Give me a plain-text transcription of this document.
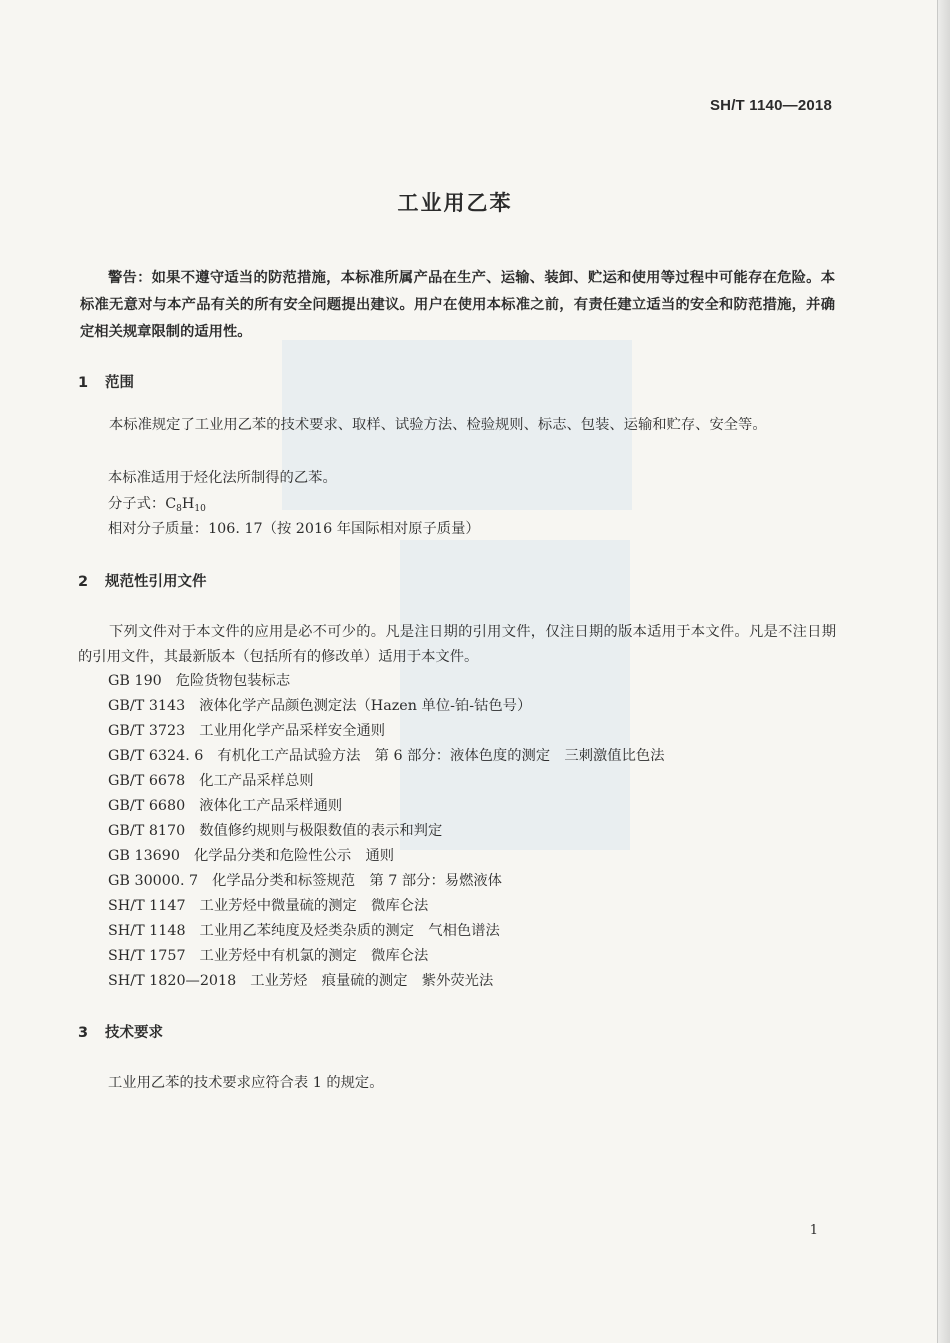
SH/T 1140—2018
工业用乙苯
警告：如果不遵守适当的防范措施，本标准所属产品在生产、运输、装卸、贮运和使用等过程中可能存在危险。本标准无意对与本产品有关的所有安全问题提出建议。用户在使用本标准之前，有责任建立适当的安全和防范措施，并确定相关规章限制的适用性。
1 范围
本标准规定了工业用乙苯的技术要求、取样、试验方法、检验规则、标志、包装、运输和贮存、安全等。
本标准适用于烃化法所制得的乙苯。
分子式：$C_8H_{10}$
相对分子质量：106. 17（按 2016 年国际相对原子质量）
2 规范性引用文件
下列文件对于本文件的应用是必不可少的。凡是注日期的引用文件，仅注日期的版本适用于本文件。凡是不注日期的引用文件，其最新版本（包括所有的修改单）适用于本文件。
GB 190 危险货物包装标志
GB/T 3143 液体化学产品颜色测定法（Hazen 单位-铂-钴色号）
GB/T 3723 工业用化学产品采样安全通则
GB/T 6324. 6 有机化工产品试验方法　第 6 部分：液体色度的测定　三刺激值比色法
GB/T 6678 化工产品采样总则
GB/T 6680 液体化工产品采样通则
GB/T 8170 数值修约规则与极限数值的表示和判定
GB 13690 化学品分类和危险性公示　通则
GB 30000. 7 化学品分类和标签规范　第 7 部分：易燃液体
SH/T 1147 工业芳烃中微量硫的测定　微库仑法
SH/T 1148 工业用乙苯纯度及烃类杂质的测定　气相色谱法
SH/T 1757 工业芳烃中有机氯的测定　微库仑法
SH/T 1820—2018 工业芳烃　痕量硫的测定　紫外荧光法
3 技术要求
工业用乙苯的技术要求应符合表 1 的规定。
1
